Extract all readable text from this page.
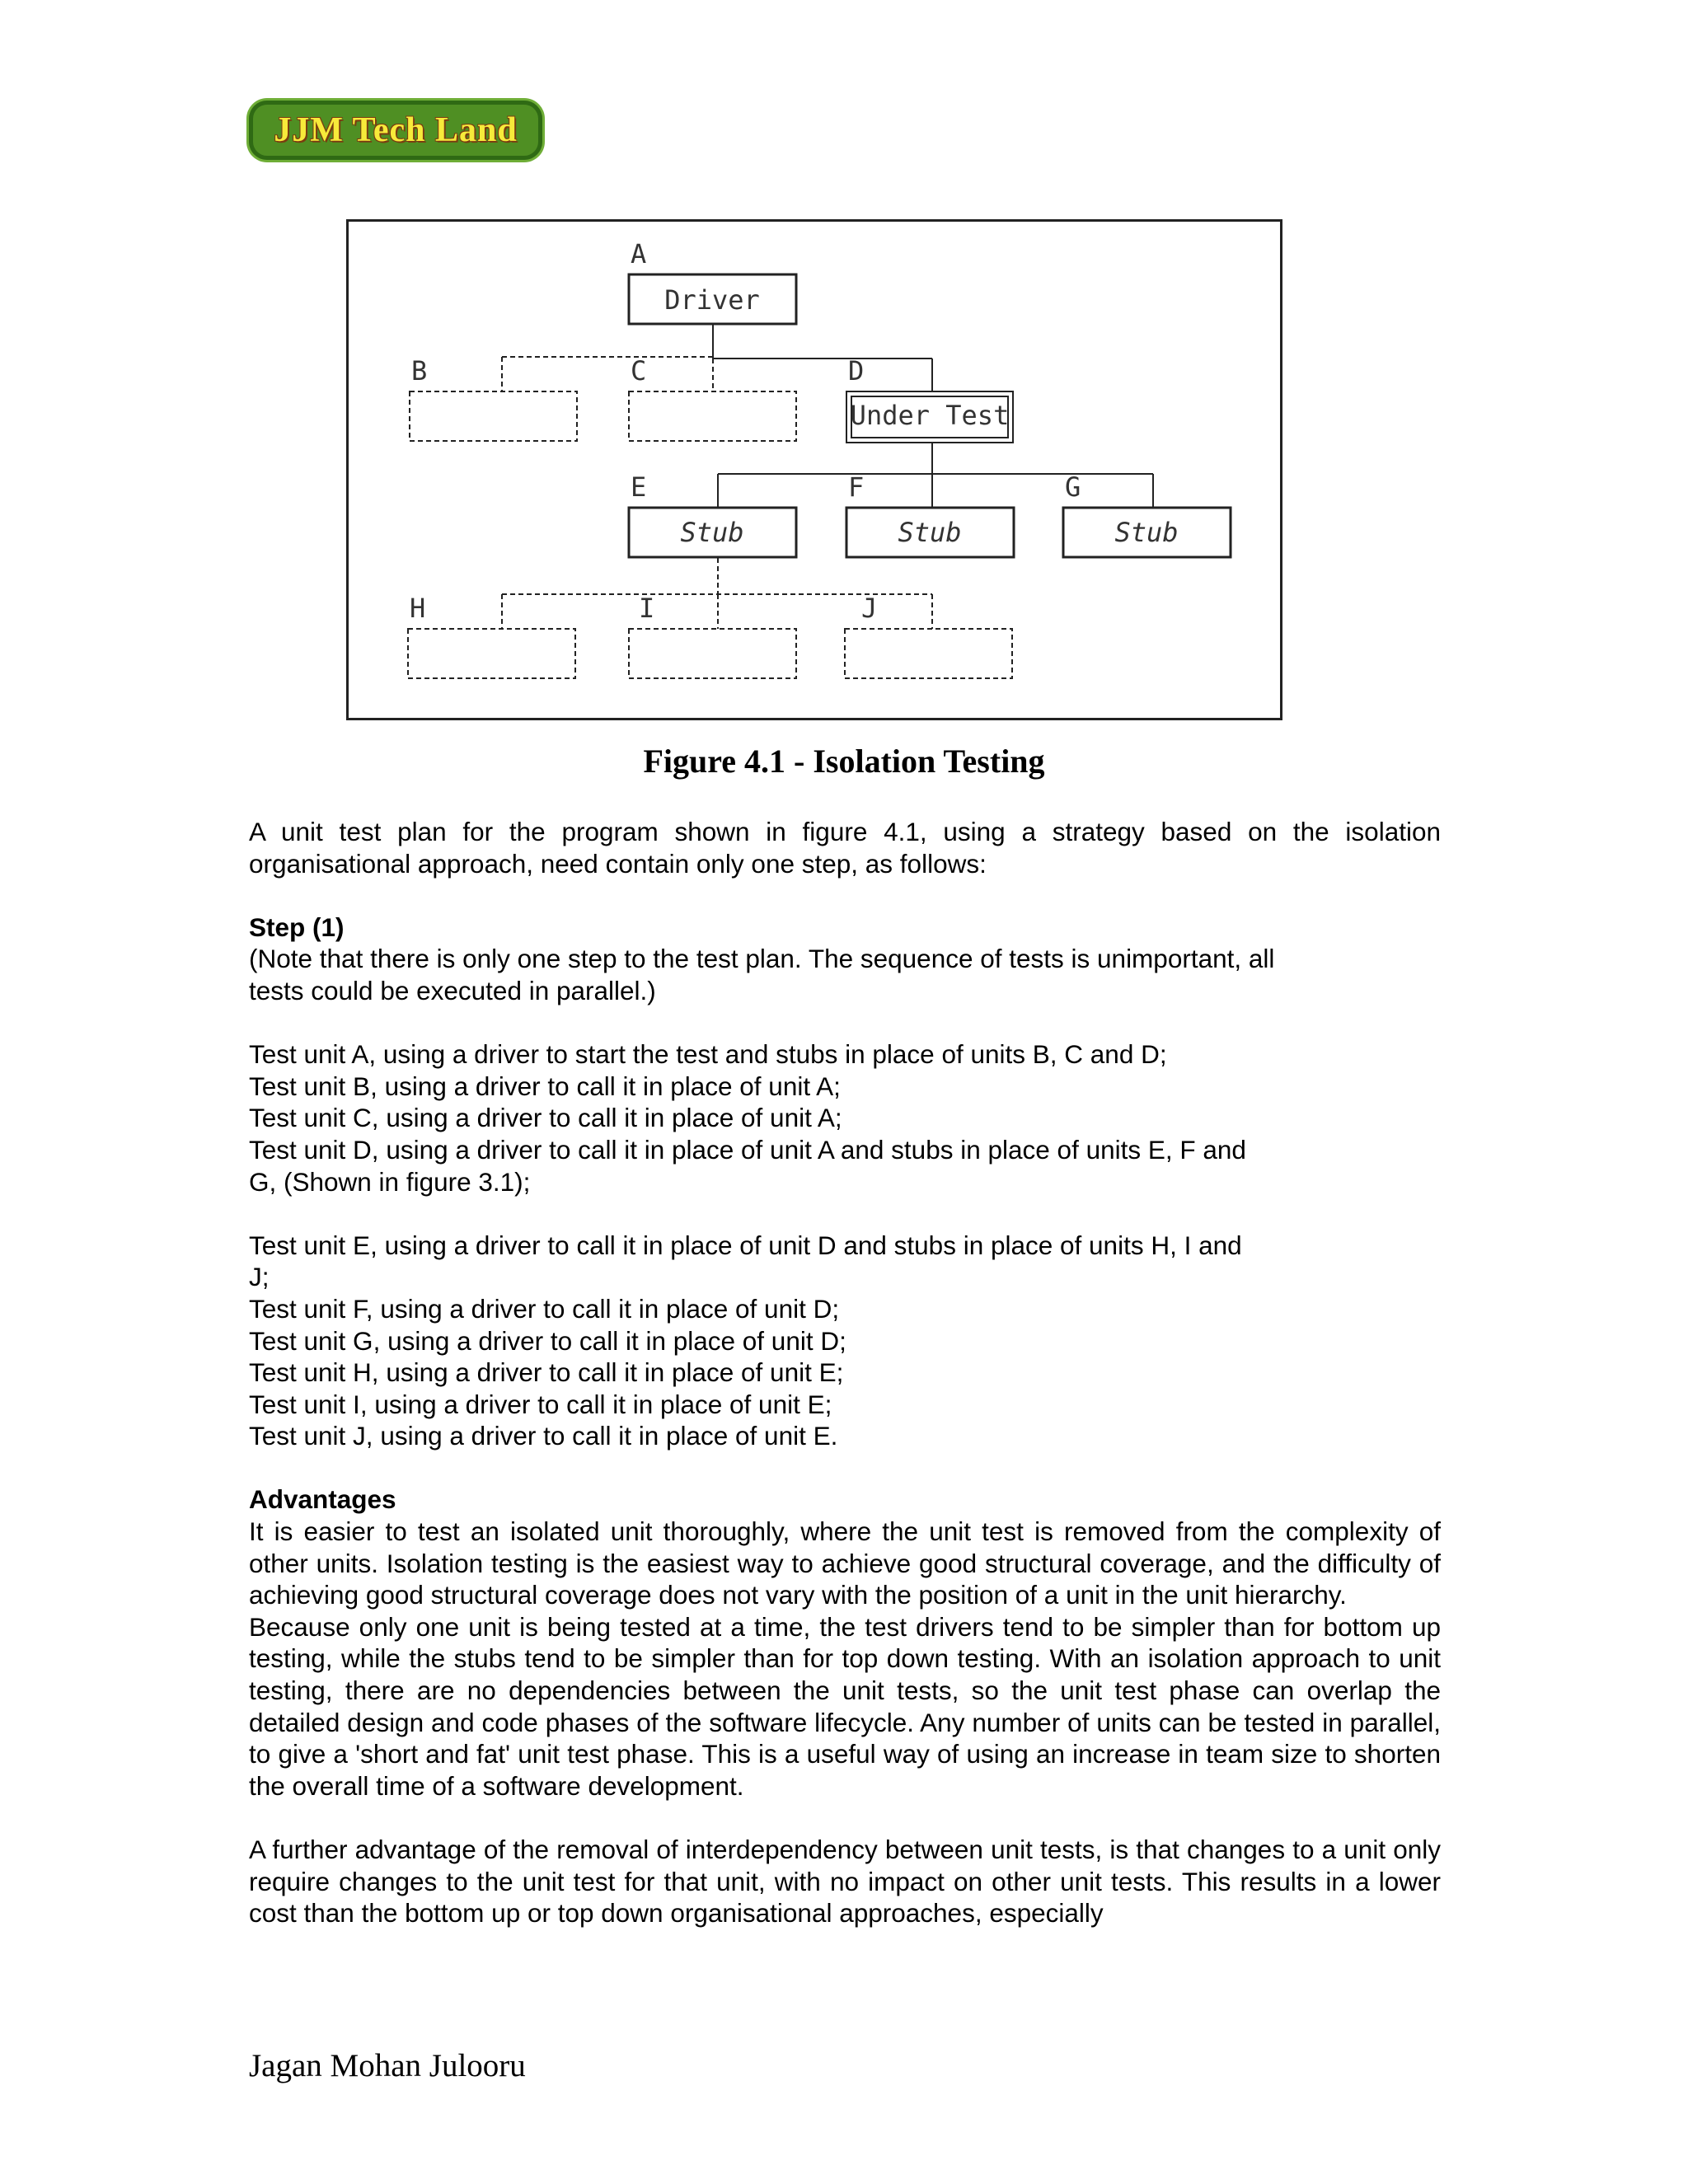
JJM Tech Land
A
Driver
B	C	D
Under Test
E
Stub
F
Stub
G
Stub
H	I	J
Figure 4.1 - Isolation Testing

A unit test plan for the program shown in figure 4.1, using a strategy based on the isolation organisational approach, need contain only one step, as follows:

Step (1)

(Note that there is only one step to the test plan. The sequence of tests is unimportant, all

tests could be executed in parallel.)

Test unit A, using a driver to start the test and stubs in place of units B, C and D;

Test unit B, using a driver to call it in place of unit A;

Test unit C, using a driver to call it in place of unit A;

Test unit D, using a driver to call it in place of unit A and stubs in place of units E, F and

G, (Shown in figure 3.1);

Test unit E, using a driver to call it in place of unit D and stubs in place of units H, I and

J;

Test unit F, using a driver to call it in place of unit D;

Test unit G, using a driver to call it in place of unit D;

Test unit H, using a driver to call it in place of unit E;

Test unit I, using a driver to call it in place of unit E;

Test unit J, using a driver to call it in place of unit E.

Advantages

It is easier to test an isolated unit thoroughly, where the unit test is removed from the complexity of other units. Isolation testing is the easiest way to achieve good structural coverage, and the difficulty of achieving good structural coverage does not vary with the position of a unit in the unit hierarchy.

Because only one unit is being tested at a time, the test drivers tend to be simpler than for bottom up testing, while the stubs tend to be simpler than for top down testing. With an isolation approach to unit testing, there are no dependencies between the unit tests, so the unit test phase can overlap the detailed design and code phases of the software lifecycle. Any number of units can be tested in parallel, to give a 'short and fat' unit test phase. This is a useful way of using an increase in team size to shorten the overall time of a software development.

A further advantage of the removal of interdependency between unit tests, is that changes to a unit only require changes to the unit test for that unit, with no impact on other unit tests. This results in a lower cost than the bottom up or top down organisational approaches, especially

Jagan Mohan Julooru
